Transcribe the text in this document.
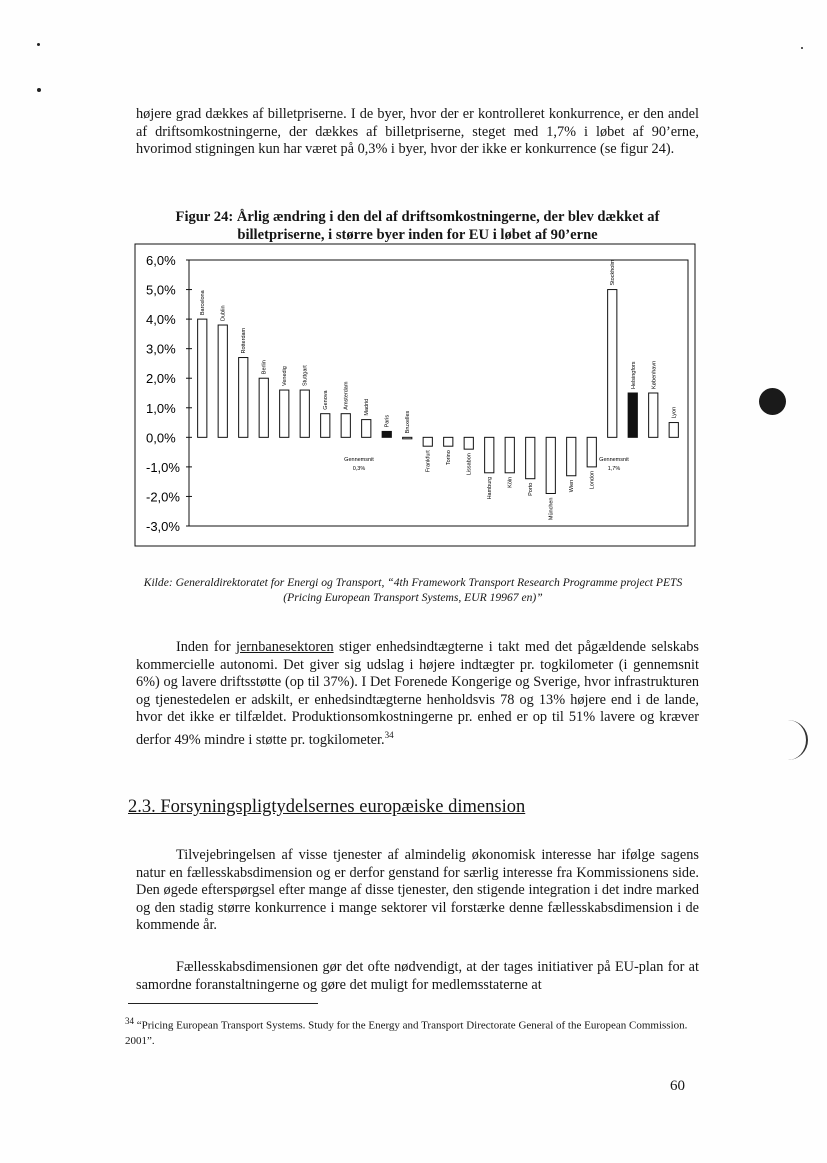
højere grad dækkes af billetpriserne. I de byer, hvor der er kontrolleret konkurrence, er den andel af driftsomkostningerne, der dækkes af billetpriserne, steget med 1,7% i løbet af 90’erne, hvorimod stigningen kun har været på 0,3% i byer, hvor der ikke er konkurrence (se figur 24).

Figur 24: Årlig ændring i den del af driftsomkostningerne, der blev dækket af billetpriserne, i større byer inden for EU i løbet af 90’erne
6,0%
5,0%
4,0%
3,0%
2,0%
1,0%
0,0%
-1,0%
-2,0%
-3,0%
Barcelona	Dublin
Rotterdam
Berlin	Venedig	Stuttgart
Genova	Amsterdam	Madrid
Paris	Bruxelles
Frankfurt	Torino	Lissabon
Hamburg	Köln
Porto
München
Wien	London
Stockholm
Helsingfors	København
Lyon
Gennemsnit
0,3%
Gennemsnit
1,7%
Kilde: Generaldirektoratet for Energi og Transport, “4th Framework Transport Research Programme project PETS (Pricing European Transport Systems, EUR 19967 en)”

Inden for jernbanesektoren stiger enhedsindtægterne i takt med det pågældende selskabs kommercielle autonomi. Det giver sig udslag i højere indtægter pr. togkilometer (i gennemsnit 6%) og lavere driftsstøtte (op til 37%). I Det Forenede Kongerige og Sverige, hvor infrastrukturen og tjenestedelen er adskilt, er enhedsindtægterne henholdsvis 78 og 13% højere end i de lande, hvor det ikke er tilfældet. Produktionsomkostningerne pr. enhed er op til 51% lavere og kræver derfor 49% mindre i støtte pr. togkilometer.$^{34}$

2.3. Forsyningspligtydelsernes europæiske dimension

Tilvejebringelsen af visse tjenester af almindelig økonomisk interesse har ifølge sagens natur en fællesskabsdimension og er derfor genstand for særlig interesse fra Kommissionens side. Den øgede efterspørgsel efter mange af disse tjenester, den stigende integration i det indre marked og den stadig større konkurrence i mange sektorer vil forstærke denne fællesskabsdimension i de kommende år.

Fællesskabsdimensionen gør det ofte nødvendigt, at der tages initiativer på EU-plan for at samordne foranstaltningerne og gøre det muligt for medlemsstaterne at

$^{34}$ “Pricing European Transport Systems. Study for the Energy and Transport Directorate General of the European Commission. 2001”.
60
